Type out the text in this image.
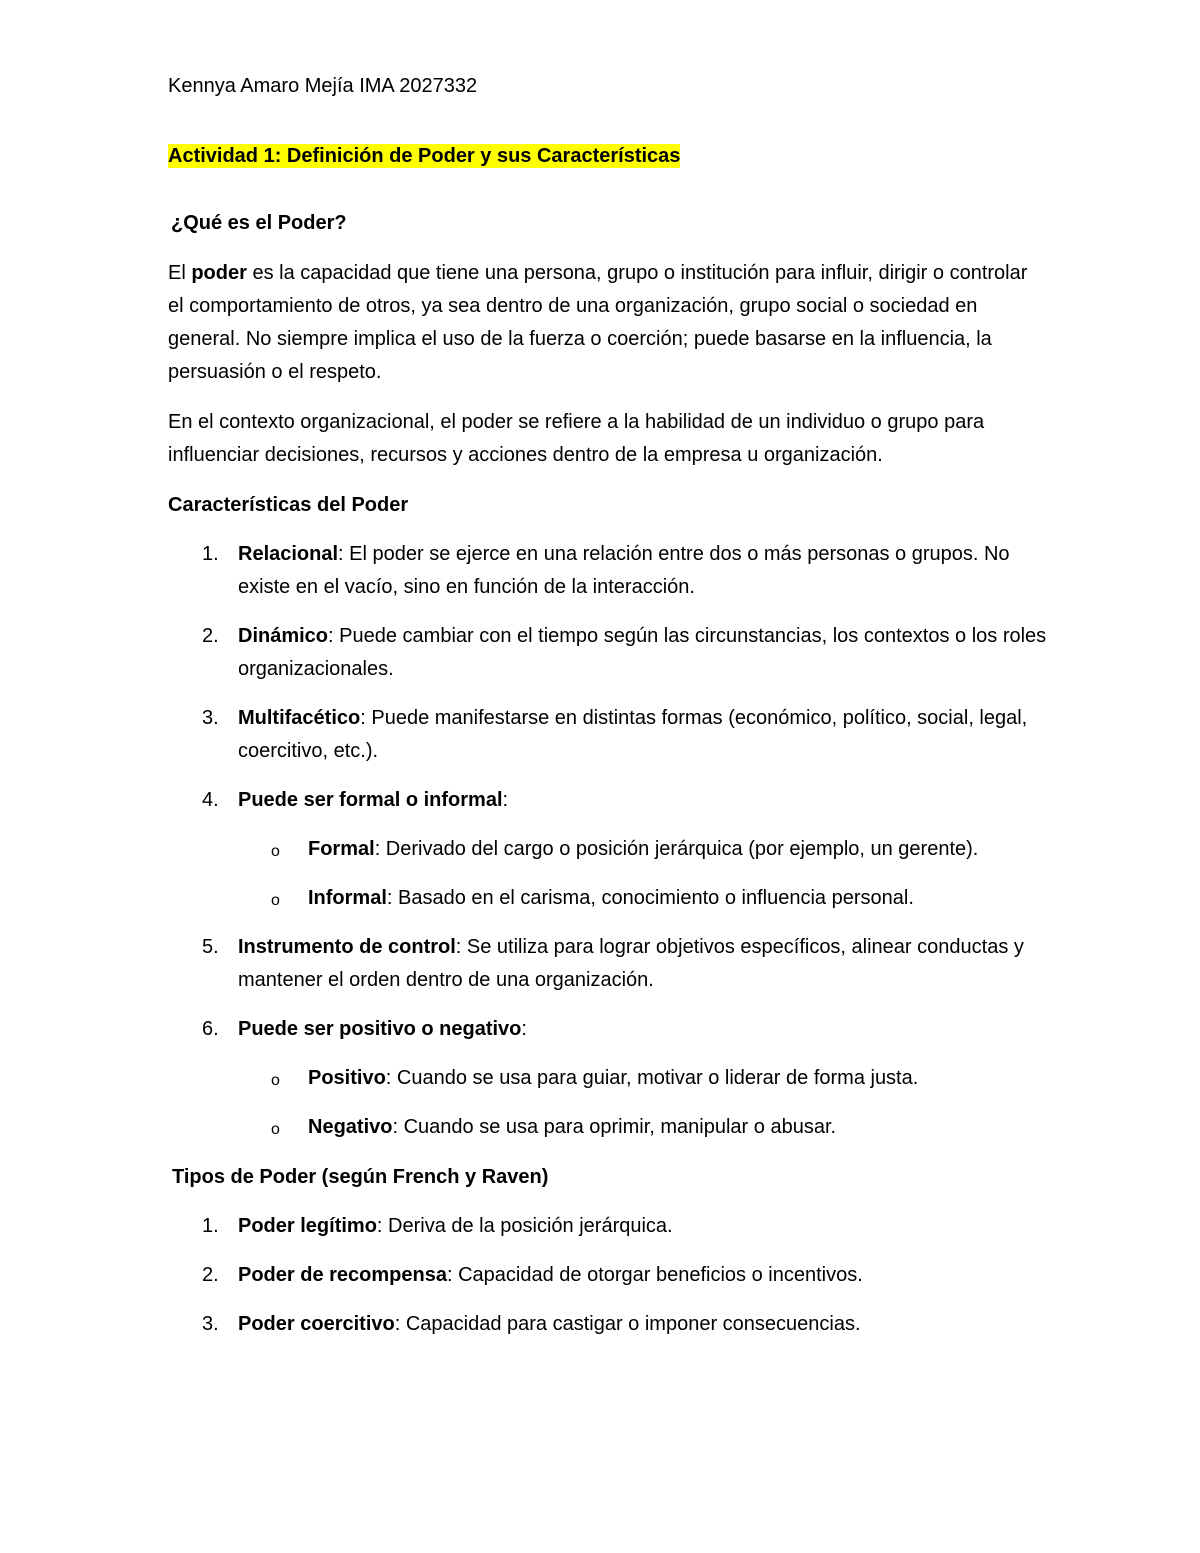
Kennya Amaro Mejía IMA 2027332

Actividad 1: Definición de Poder y sus Características

¿Qué es el Poder?

El poder es la capacidad que tiene una persona, grupo o institución para influir, dirigir o controlar el comportamiento de otros, ya sea dentro de una organización, grupo social o sociedad en general. No siempre implica el uso de la fuerza o coerción; puede basarse en la influencia, la persuasión o el respeto.

En el contexto organizacional, el poder se refiere a la habilidad de un individuo o grupo para influenciar decisiones, recursos y acciones dentro de la empresa u organización.

Características del Poder

1. Relacional: El poder se ejerce en una relación entre dos o más personas o grupos. No existe en el vacío, sino en función de la interacción.
2. Dinámico: Puede cambiar con el tiempo según las circunstancias, los contextos o los roles organizacionales.
3. Multifacético: Puede manifestarse en distintas formas (económico, político, social, legal, coercitivo, etc.).
4. Puede ser formal o informal:
o Formal: Derivado del cargo o posición jerárquica (por ejemplo, un gerente).
o Informal: Basado en el carisma, conocimiento o influencia personal.
5. Instrumento de control: Se utiliza para lograr objetivos específicos, alinear conductas y mantener el orden dentro de una organización.
6. Puede ser positivo o negativo:
o Positivo: Cuando se usa para guiar, motivar o liderar de forma justa.
o Negativo: Cuando se usa para oprimir, manipular o abusar.

Tipos de Poder (según French y Raven)

1. Poder legítimo: Deriva de la posición jerárquica.
2. Poder de recompensa: Capacidad de otorgar beneficios o incentivos.
3. Poder coercitivo: Capacidad para castigar o imponer consecuencias.
